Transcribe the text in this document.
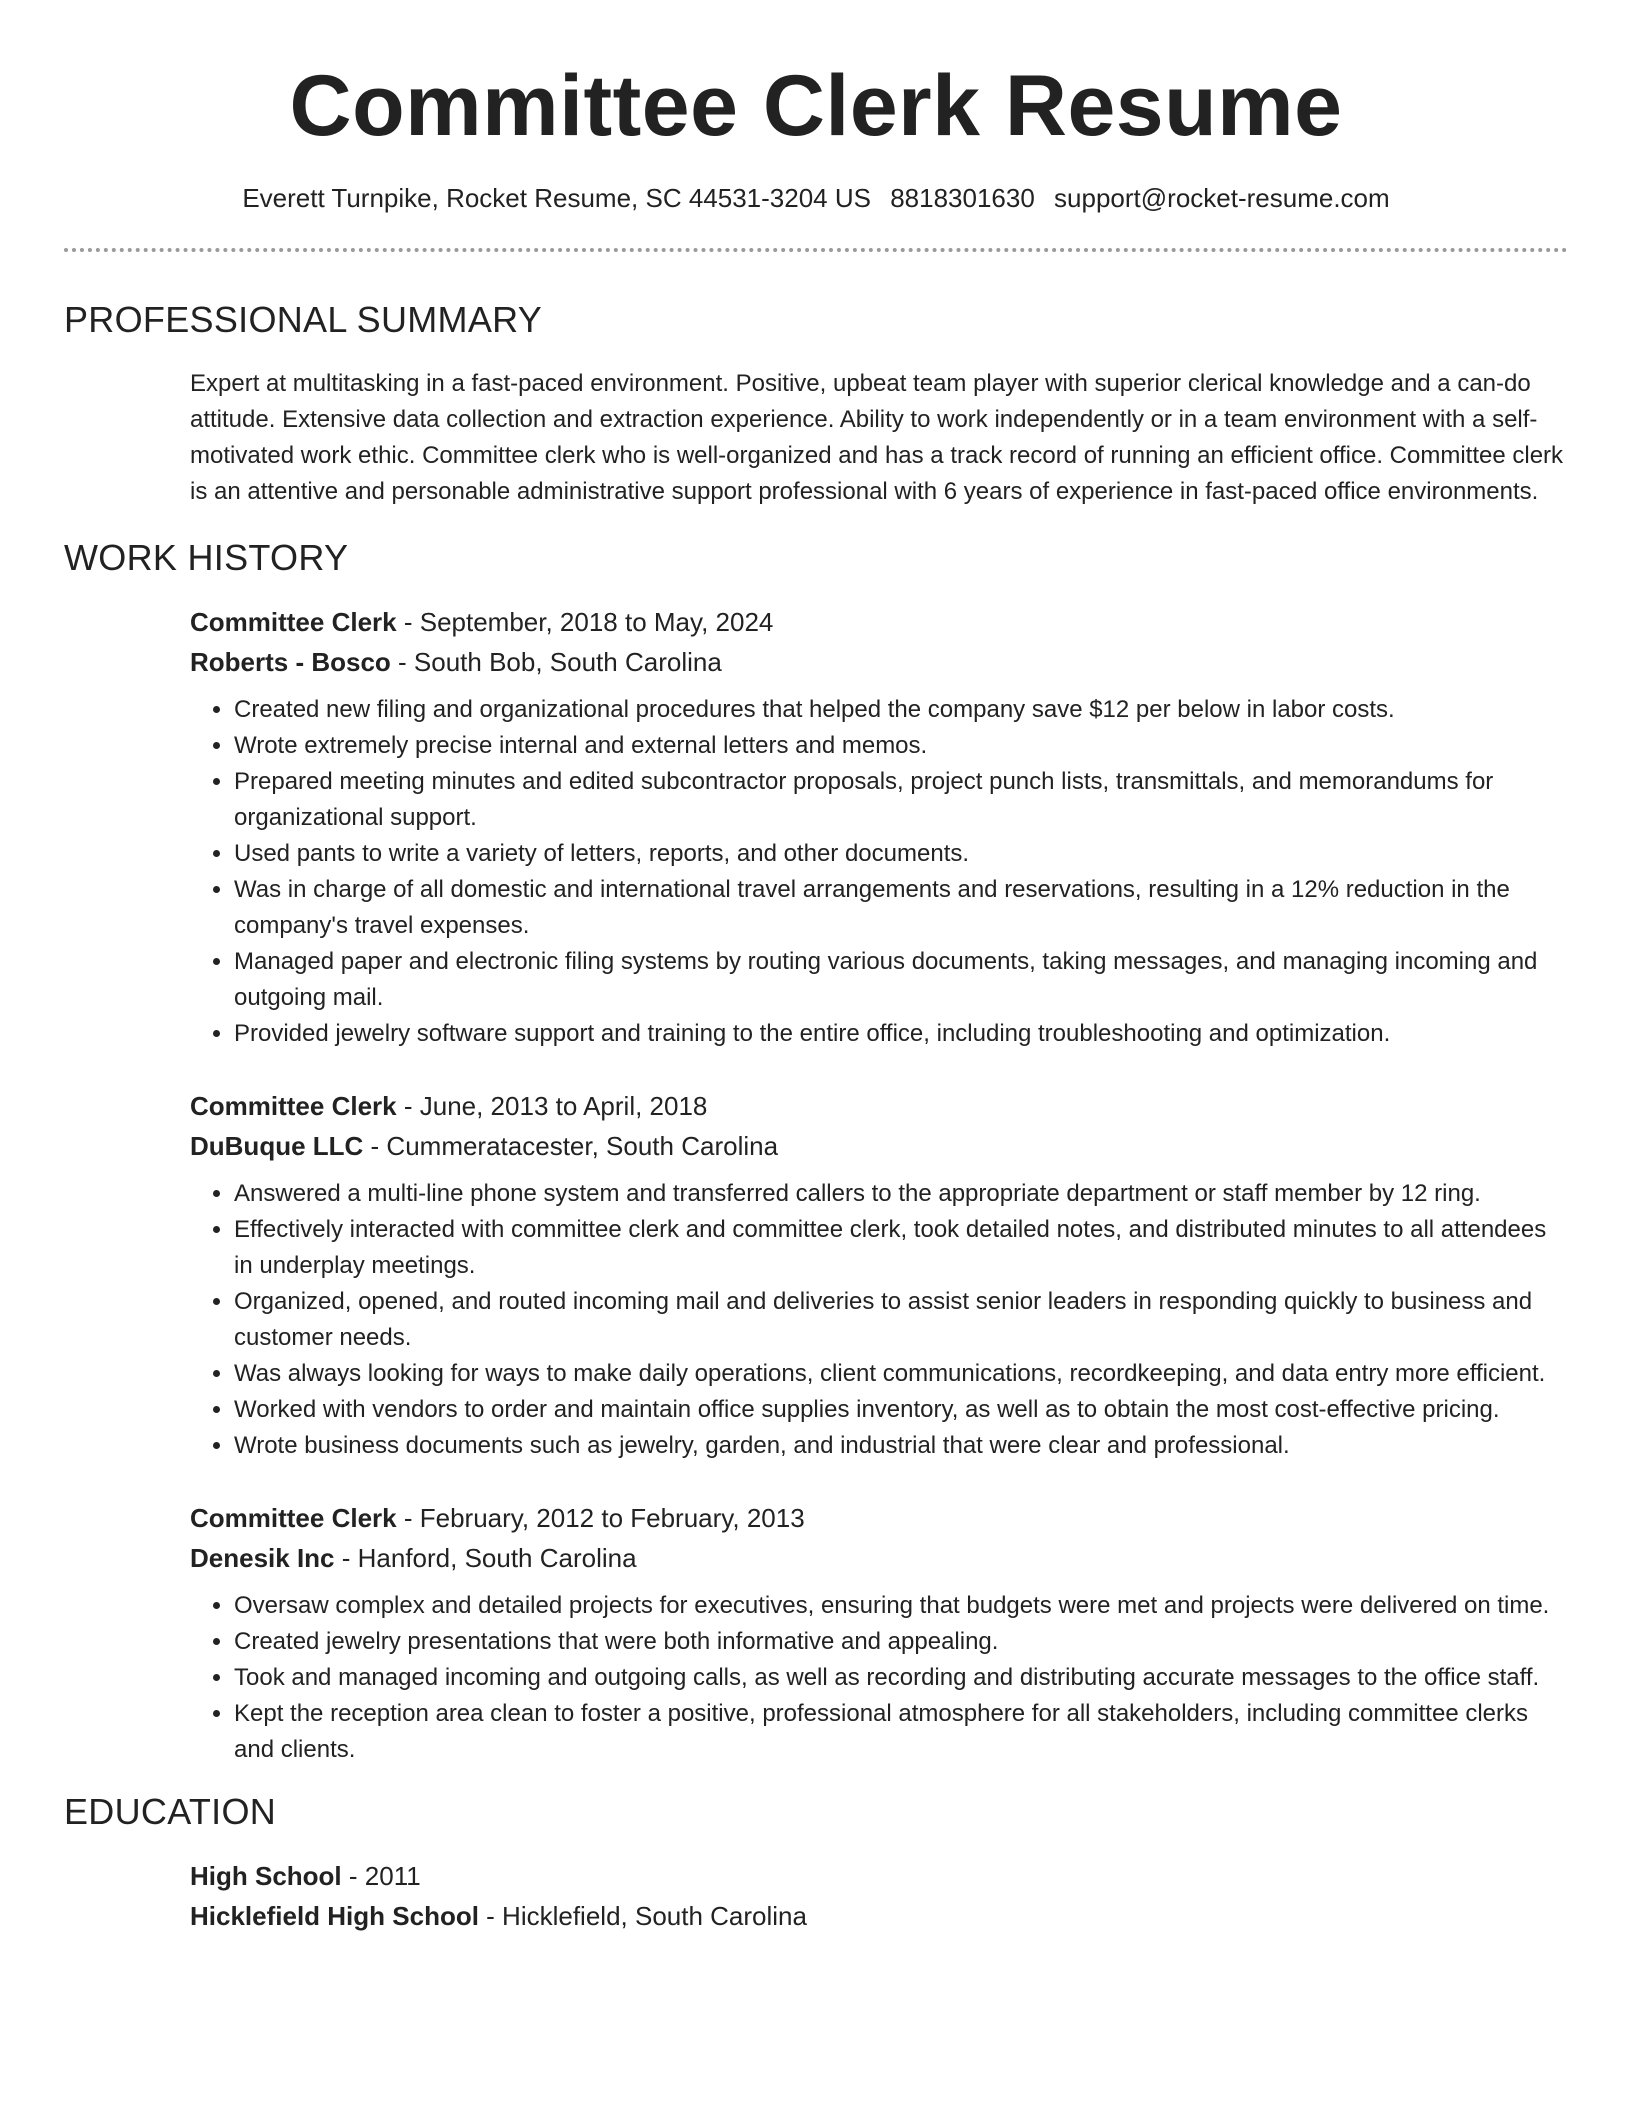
Committee Clerk Resume
Everett Turnpike, Rocket Resume, SC 44531-3204 US 8818301630 support@rocket-resume.com
PROFESSIONAL SUMMARY

Expert at multitasking in a fast-paced environment. Positive, upbeat team player with superior clerical knowledge and a can-do attitude. Extensive data collection and extraction experience. Ability to work independently or in a team environment with a self-motivated work ethic. Committee clerk who is well-organized and has a track record of running an efficient office. Committee clerk is an attentive and personable administrative support professional with 6 years of experience in fast-paced office environments.

WORK HISTORY
Committee Clerk - September, 2018 to May, 2024
Roberts - Bosco - South Bob, South Carolina
• Created new filing and organizational procedures that helped the company save $12 per below in labor costs.
• Wrote extremely precise internal and external letters and memos.
• Prepared meeting minutes and edited subcontractor proposals, project punch lists, transmittals, and memorandums for organizational support.
• Used pants to write a variety of letters, reports, and other documents.
• Was in charge of all domestic and international travel arrangements and reservations, resulting in a 12% reduction in the company's travel expenses.
• Managed paper and electronic filing systems by routing various documents, taking messages, and managing incoming and outgoing mail.
• Provided jewelry software support and training to the entire office, including troubleshooting and optimization.
Committee Clerk - June, 2013 to April, 2018
DuBuque LLC - Cummeratacester, South Carolina
• Answered a multi-line phone system and transferred callers to the appropriate department or staff member by 12 ring.
• Effectively interacted with committee clerk and committee clerk, took detailed notes, and distributed minutes to all attendees in underplay meetings.
• Organized, opened, and routed incoming mail and deliveries to assist senior leaders in responding quickly to business and customer needs.
• Was always looking for ways to make daily operations, client communications, recordkeeping, and data entry more efficient.
• Worked with vendors to order and maintain office supplies inventory, as well as to obtain the most cost-effective pricing.
• Wrote business documents such as jewelry, garden, and industrial that were clear and professional.
Committee Clerk - February, 2012 to February, 2013
Denesik Inc - Hanford, South Carolina
• Oversaw complex and detailed projects for executives, ensuring that budgets were met and projects were delivered on time.
• Created jewelry presentations that were both informative and appealing.
• Took and managed incoming and outgoing calls, as well as recording and distributing accurate messages to the office staff.
• Kept the reception area clean to foster a positive, professional atmosphere for all stakeholders, including committee clerks and clients.
EDUCATION
High School - 2011
Hicklefield High School - Hicklefield, South Carolina
